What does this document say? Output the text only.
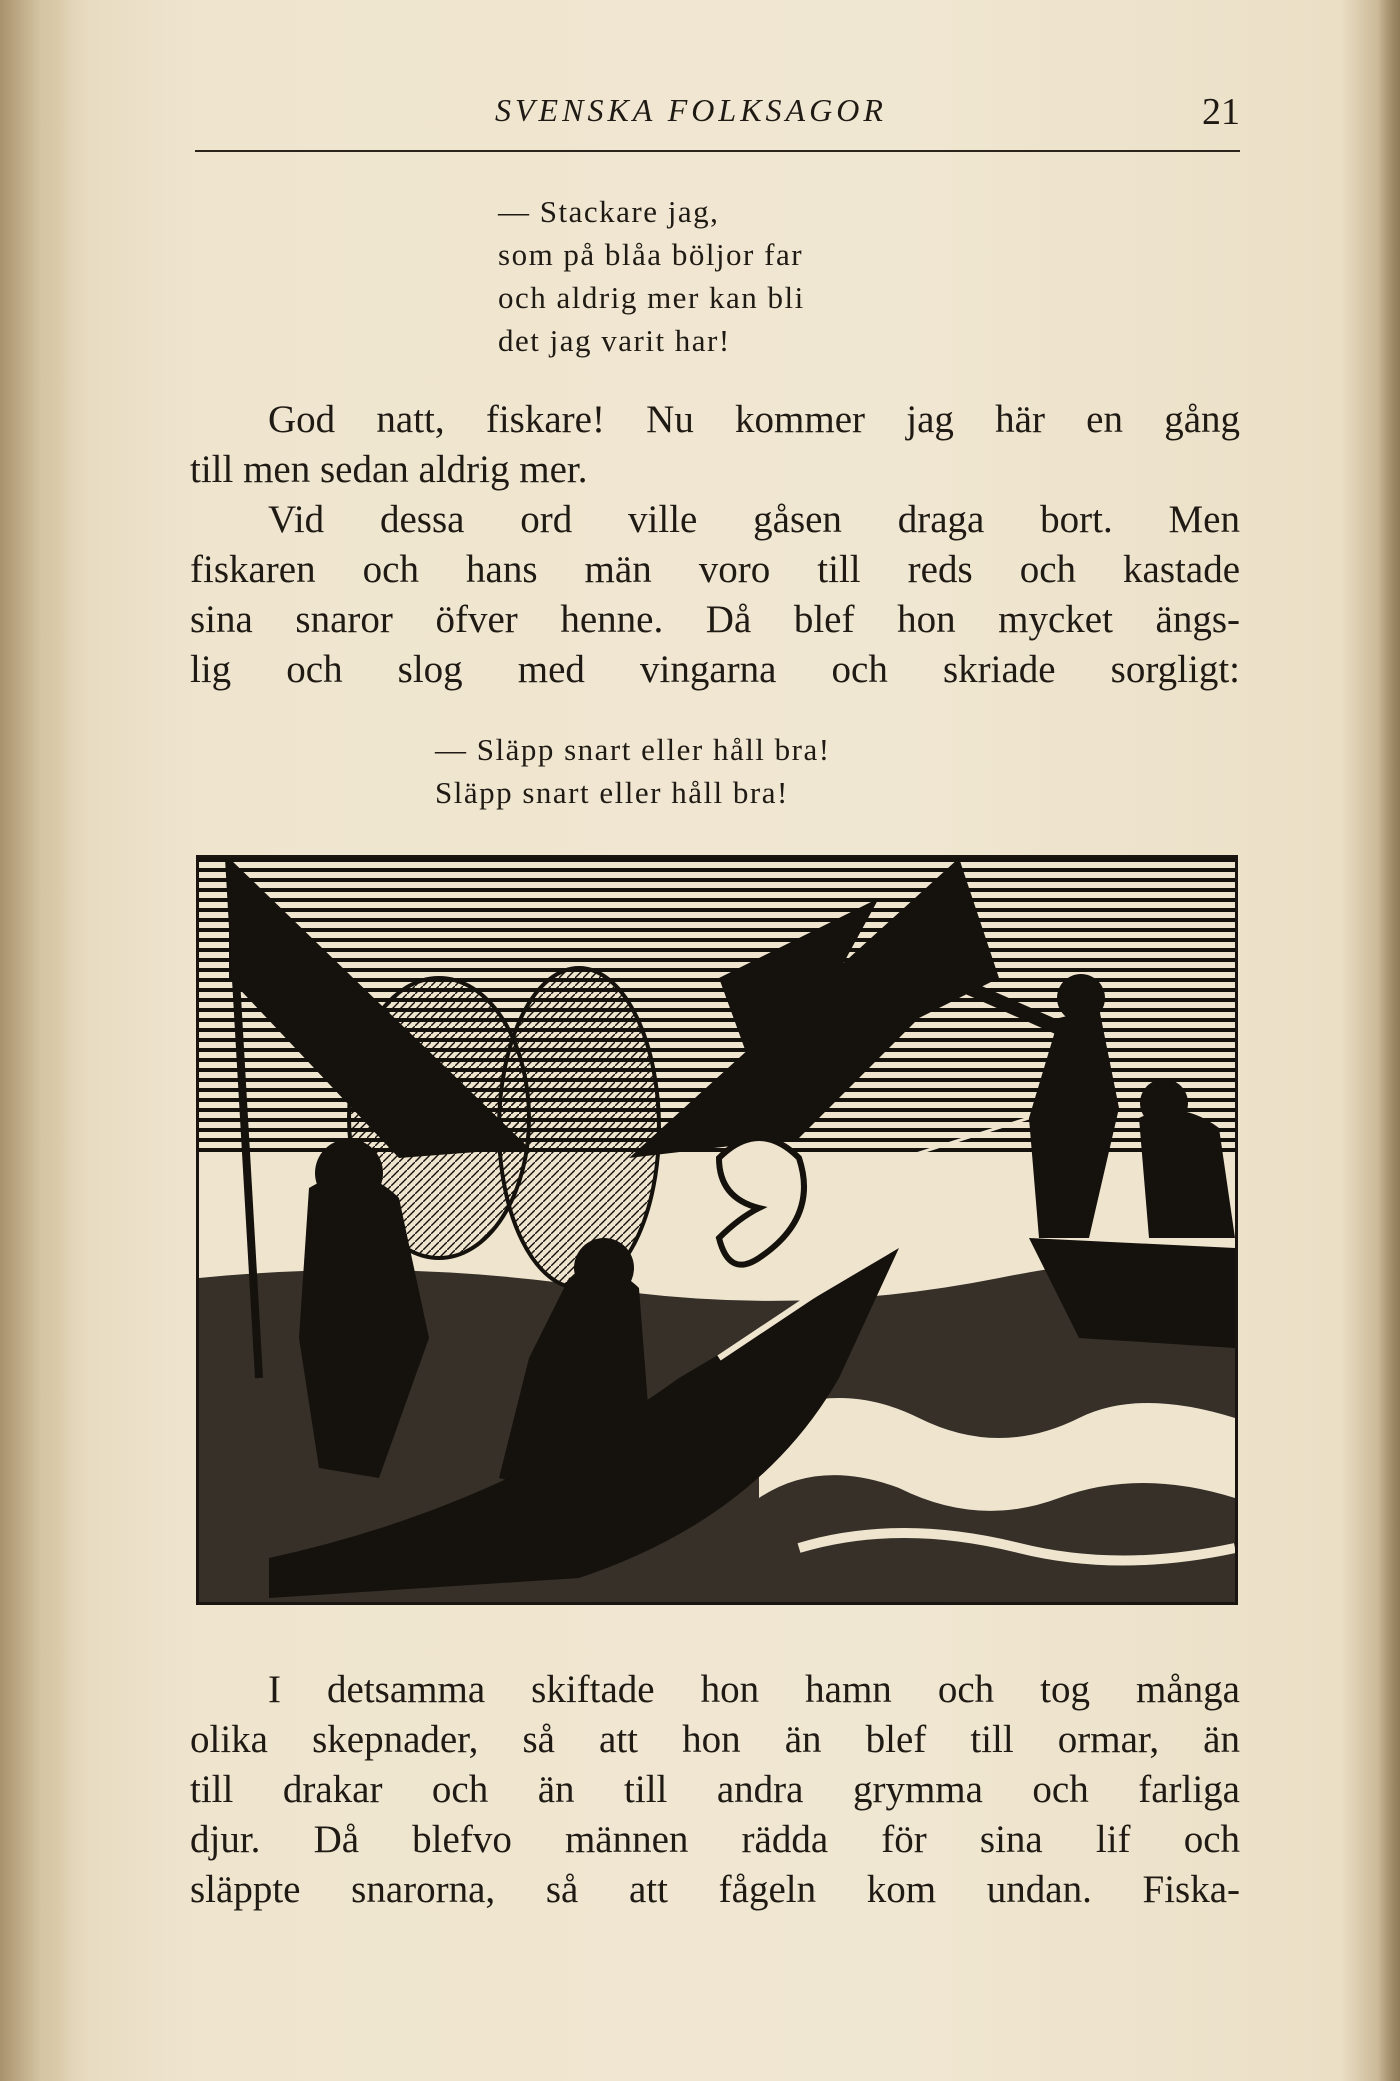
SVENSKA FOLKSAGOR	21
— Stackare jag,
som på blåa böljor far
och aldrig mer kan bli
det jag varit har!
God natt, fiskare! Nu kommer jag här en gång
till men sedan aldrig mer.
Vid dessa ord ville gåsen draga bort. Men
fiskaren och hans män voro till reds och kastade
sina snaror öfver henne. Då blef hon mycket ängs-
lig och slog med vingarna och skriade sorgligt:
— Släpp snart eller håll bra!
Släpp snart eller håll bra!
I detsamma skiftade hon hamn och tog många
olika skepnader, så att hon än blef till ormar, än
till drakar och än till andra grymma och farliga
djur. Då blefvo männen rädda för sina lif och
släppte snarorna, så att fågeln kom undan. Fiska-
